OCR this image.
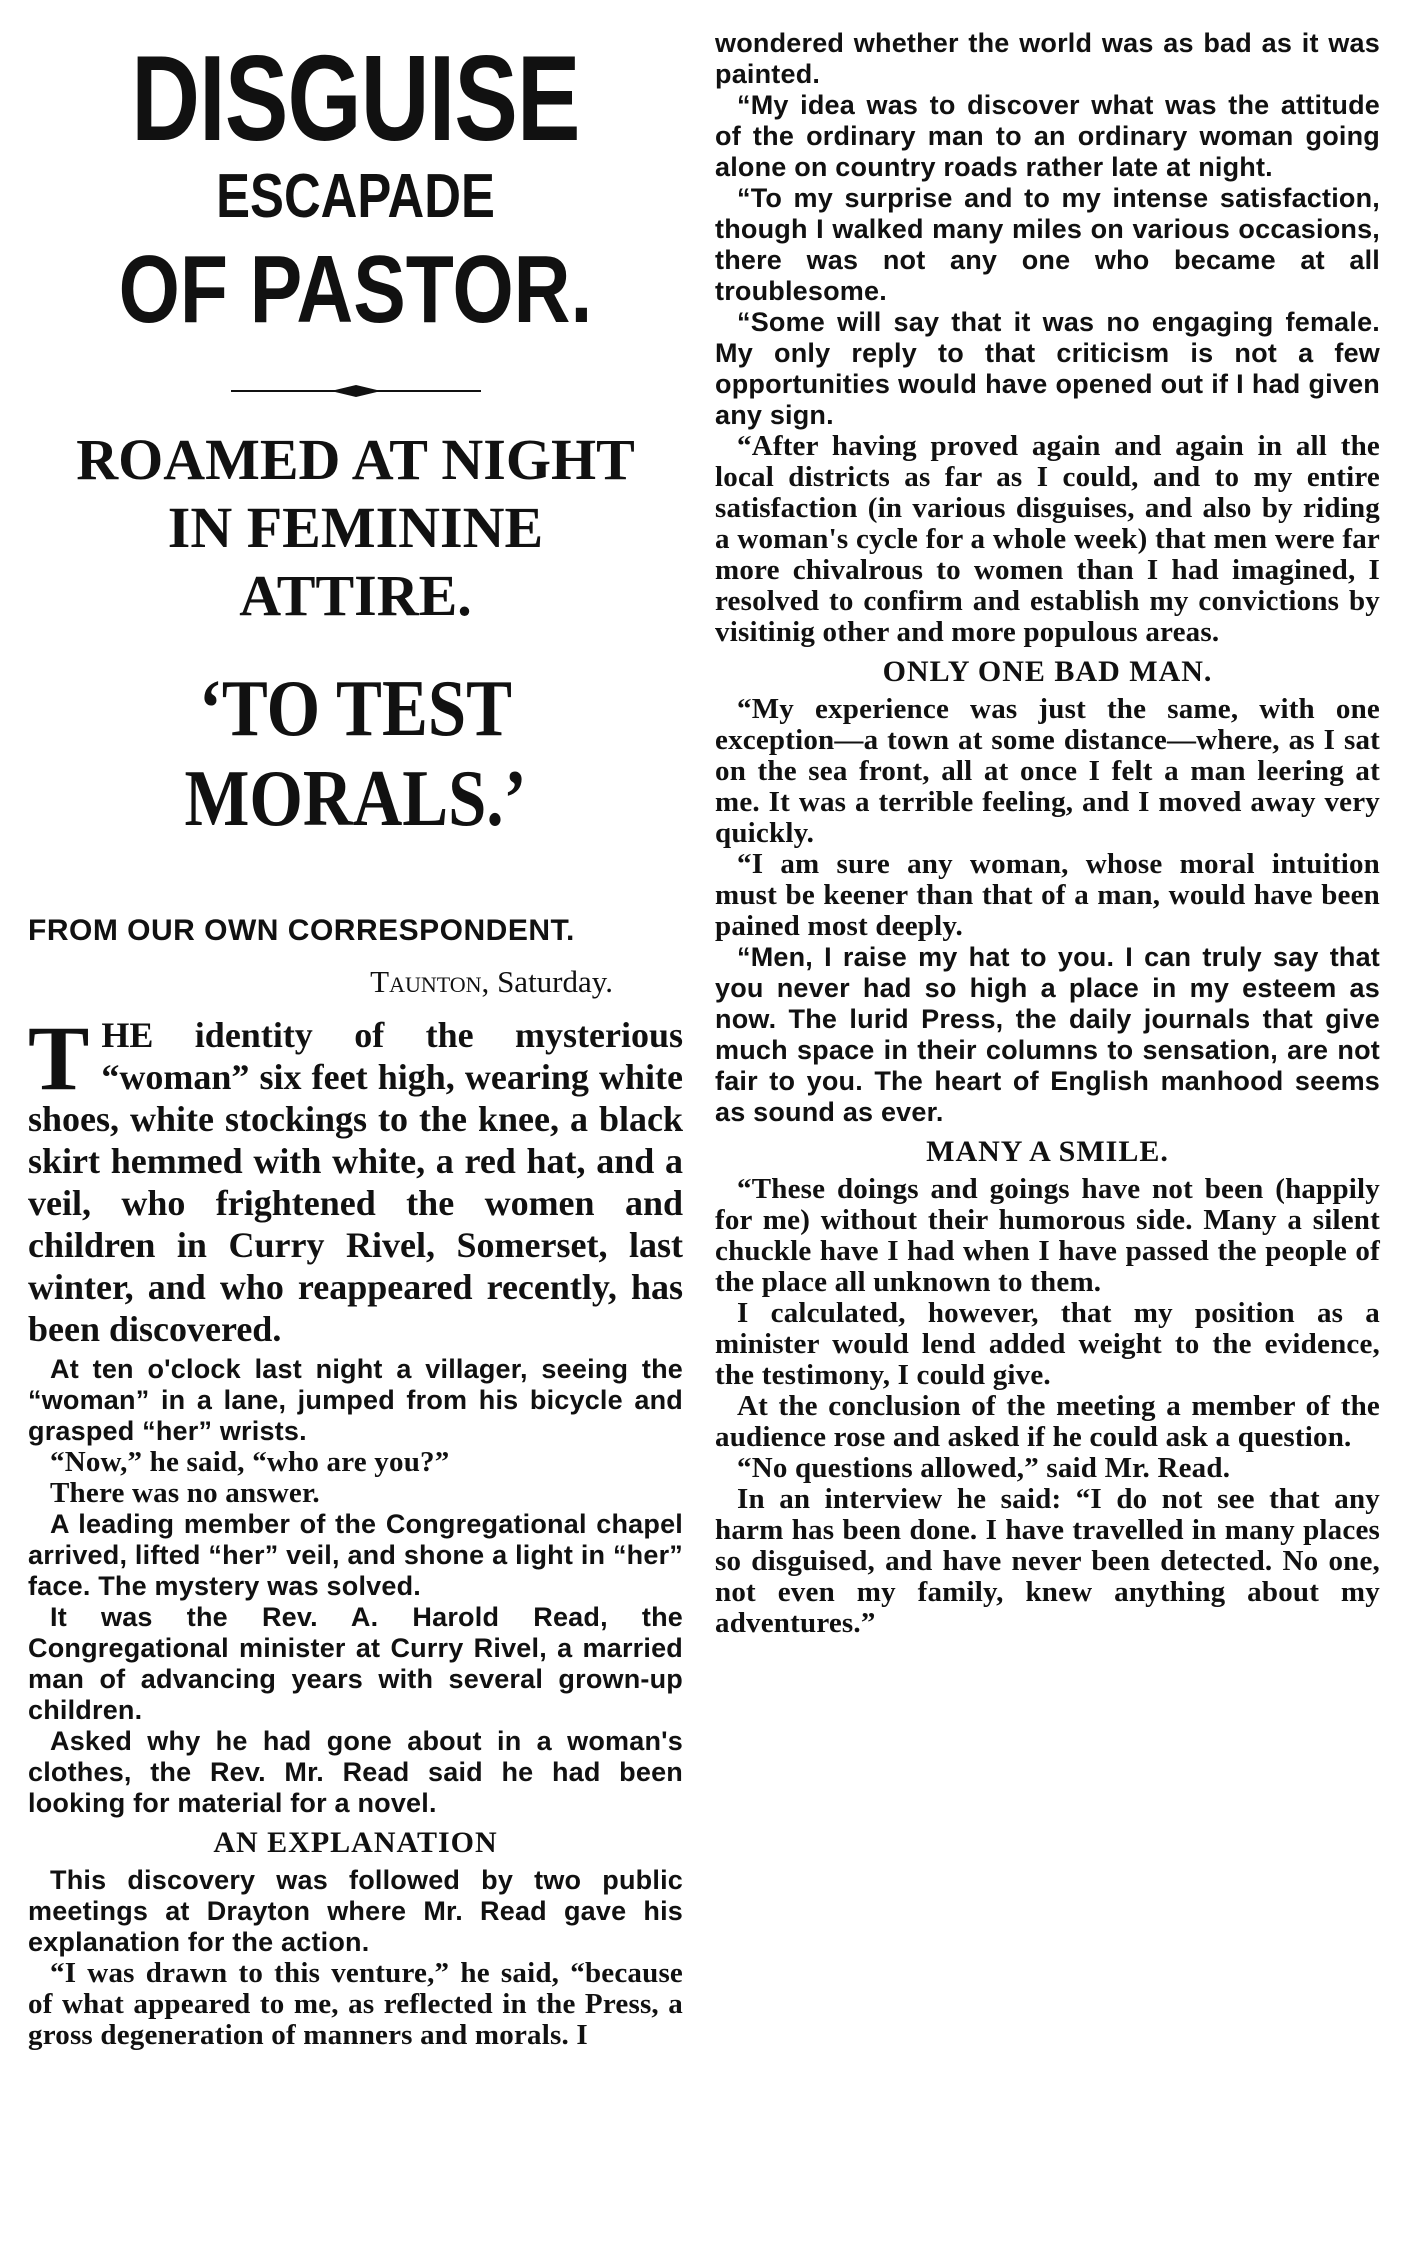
DISGUISE
ESCAPADE
OF PASTOR.
ROAMED AT NIGHT
IN FEMININE
ATTIRE.
‘TO TEST MORALS.’

FROM OUR OWN CORRESPONDENT.

Taunton, Saturday.

THE identity of the mysterious “woman” six feet high, wearing white shoes, white stockings to the knee, a black skirt hemmed with white, a red hat, and a veil, who frightened the women and children in Curry Rivel, Somerset, last winter, and who reappeared recently, has been discovered.

At ten o'clock last night a villager, seeing the “woman” in a lane, jumped from his bicycle and grasped “her” wrists.

“Now,” he said, “who are you?”

There was no answer.

A leading member of the Congregational chapel arrived, lifted “her” veil, and shone a light in “her” face. The mystery was solved.

It was the Rev. A. Harold Read, the Congregational minister at Curry Rivel, a married man of advancing years with several grown-up children.

Asked why he had gone about in a woman's clothes, the Rev. Mr. Read said he had been looking for material for a novel.

AN EXPLANATION

This discovery was followed by two public meetings at Drayton where Mr. Read gave his explanation for the action.

“I was drawn to this venture,” he said, “because of what appeared to me, as reflected in the Press, a gross degeneration of manners and morals. I

wondered whether the world was as bad as it was painted.

“My idea was to discover what was the attitude of the ordinary man to an ordinary woman going alone on country roads rather late at night.

“To my surprise and to my intense satisfaction, though I walked many miles on various occasions, there was not any one who became at all troublesome.

“Some will say that it was no engaging female. My only reply to that criticism is not a few opportunities would have opened out if I had given any sign.

“After having proved again and again in all the local districts as far as I could, and to my entire satisfaction (in various disguises, and also by riding a woman's cycle for a whole week) that men were far more chivalrous to women than I had imagined, I resolved to confirm and establish my convictions by visitinig other and more populous areas.

ONLY ONE BAD MAN.

“My experience was just the same, with one exception—a town at some distance—where, as I sat on the sea front, all at once I felt a man leering at me. It was a terrible feeling, and I moved away very quickly.

“I am sure any woman, whose moral intuition must be keener than that of a man, would have been pained most deeply.

“Men, I raise my hat to you. I can truly say that you never had so high a place in my esteem as now. The lurid Press, the daily journals that give much space in their columns to sensation, are not fair to you. The heart of English manhood seems as sound as ever.

MANY A SMILE.

“These doings and goings have not been (happily for me) without their humorous side. Many a silent chuckle have I had when I have passed the people of the place all unknown to them.

I calculated, however, that my position as a minister would lend added weight to the evidence, the testimony, I could give.

At the conclusion of the meeting a member of the audience rose and asked if he could ask a question.

“No questions allowed,” said Mr. Read.

In an interview he said: “I do not see that any harm has been done. I have travelled in many places so disguised, and have never been detected. No one, not even my family, knew anything about my adventures.”
